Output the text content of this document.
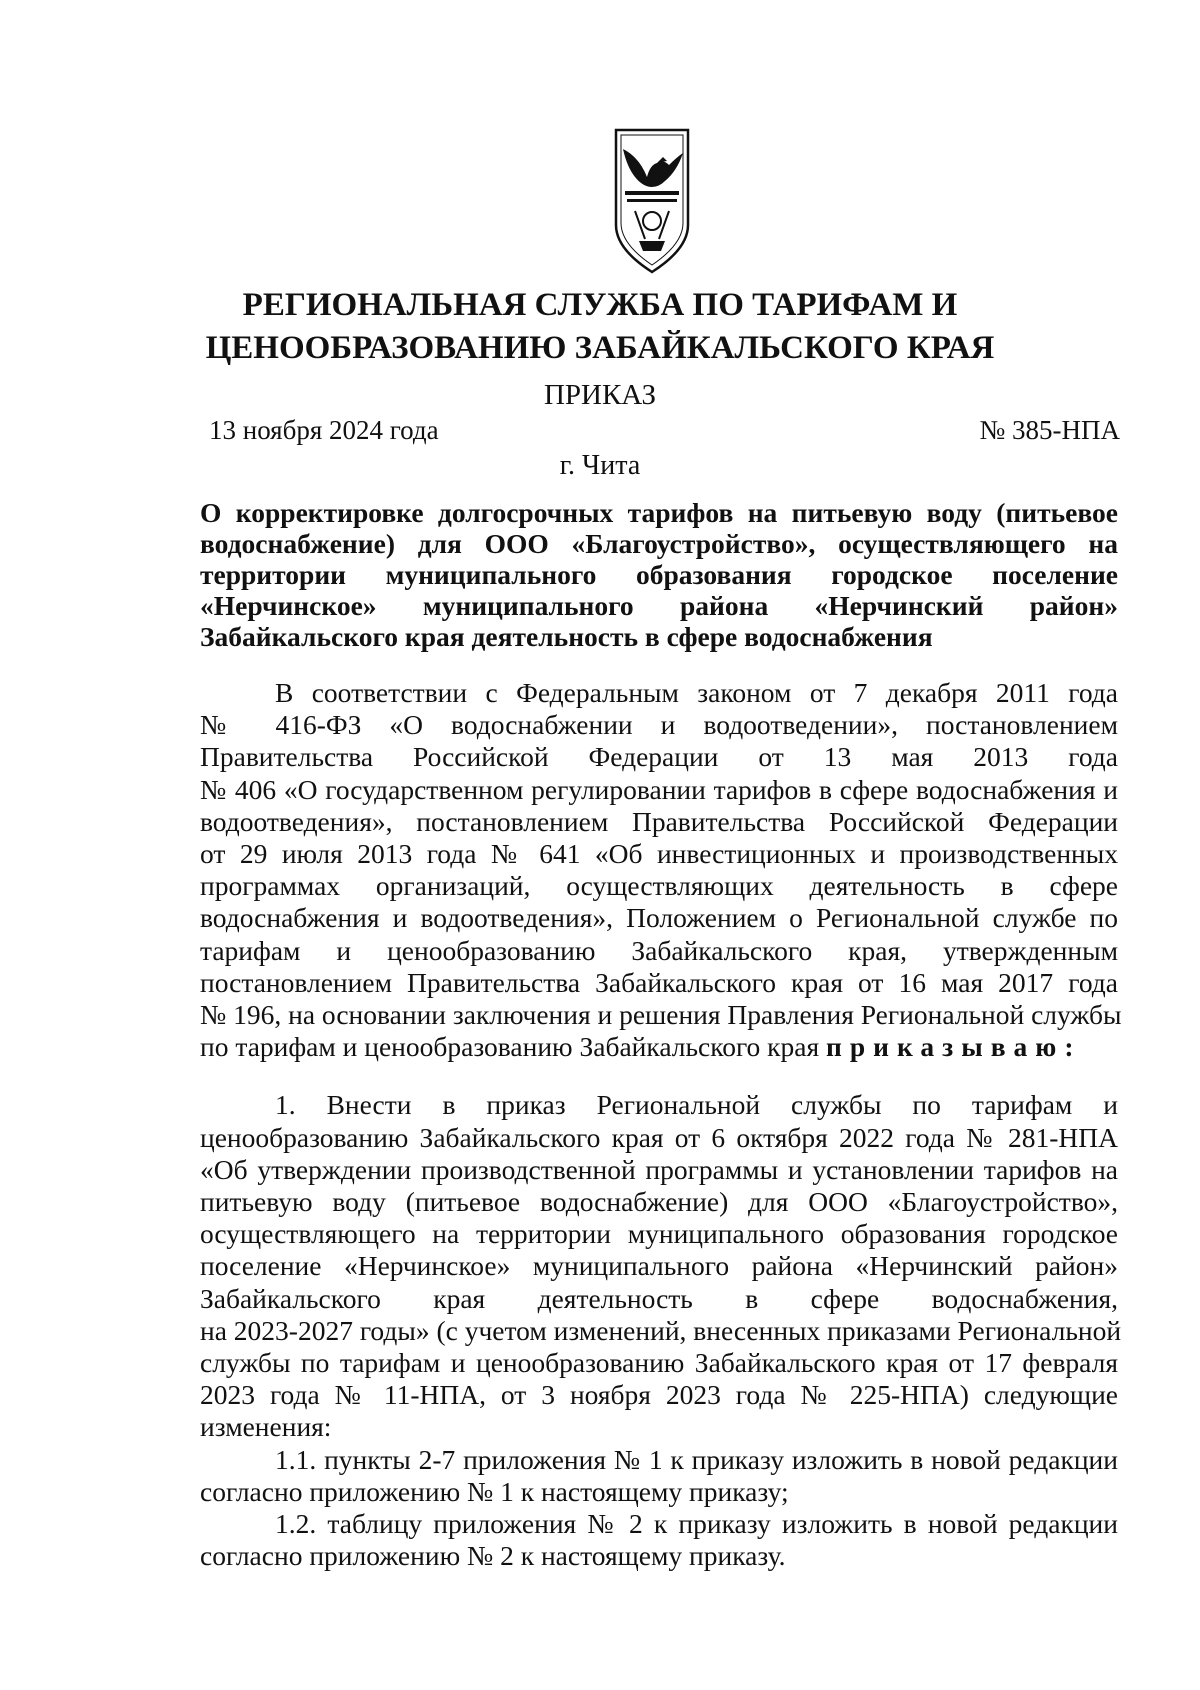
РЕГИОНАЛЬНАЯ СЛУЖБА ПО ТАРИФАМ И
ЦЕНООБРАЗОВАНИЮ ЗАБАЙКАЛЬСКОГО КРАЯ
ПРИКАЗ
13 ноября 2024 года	№ 385-НПА
г. Чита
О корректировке долгосрочных тарифов на питьевую воду (питьевое
водоснабжение) для ООО «Благоустройство», осуществляющего на
территории муниципального образования городское поселение
«Нерчинское» муниципального района «Нерчинский район»
Забайкальского края деятельность в сфере водоснабжения
В соответствии с Федеральным законом от 7 декабря 2011 года
№ 416-ФЗ «О водоснабжении и водоотведении», постановлением
Правительства Российской Федерации от 13 мая 2013 года
№ 406 «О государственном регулировании тарифов в сфере водоснабжения и
водоотведения», постановлением Правительства Российской Федерации
от 29 июля 2013 года № 641 «Об инвестиционных и производственных
программах организаций, осуществляющих деятельность в сфере
водоснабжения и водоотведения», Положением о Региональной службе по
тарифам и ценообразованию Забайкальского края, утвержденным
постановлением Правительства Забайкальского края от 16 мая 2017 года
№ 196, на основании заключения и решения Правления Региональной службы
по тарифам и ценообразованию Забайкальского края приказываю:
1. Внести в приказ Региональной службы по тарифам и
ценообразованию Забайкальского края от 6 октября 2022 года № 281-НПА
«Об утверждении производственной программы и установлении тарифов на
питьевую воду (питьевое водоснабжение) для ООО «Благоустройство»,
осуществляющего на территории муниципального образования городское
поселение «Нерчинское» муниципального района «Нерчинский район»
Забайкальского края деятельность в сфере водоснабжения,
на 2023-2027 годы» (с учетом изменений, внесенных приказами Региональной
службы по тарифам и ценообразованию Забайкальского края от 17 февраля
2023 года № 11-НПА, от 3 ноября 2023 года № 225-НПА) следующие
изменения:
1.1. пункты 2-7 приложения № 1 к приказу изложить в новой редакции
согласно приложению № 1 к настоящему приказу;
1.2. таблицу приложения № 2 к приказу изложить в новой редакции
согласно приложению № 2 к настоящему приказу.
